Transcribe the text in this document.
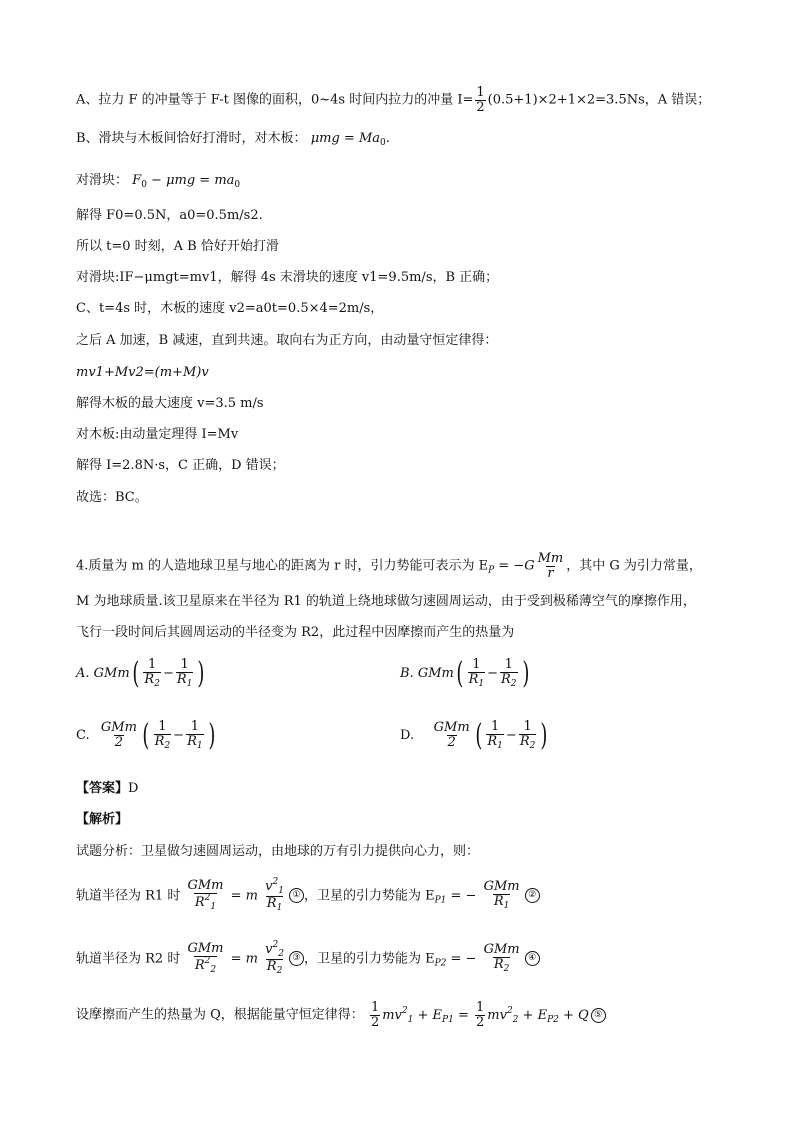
A、拉力 F 的冲量等于 F-t 图像的面积，0~4s 时间内拉力的冲量 $I= \frac{1}{2} (0.5+1)\times 2+1\times 2=3.5Ns$，A 错误；
B、滑块与木板间恰好打滑时，对木板： $\mu mg = Ma_0$.
对滑块： $F_0 - \mu mg = ma_0$
解得 F0=0.5N，a0=0.5m/s2.
所以 t=0 时刻，A B 恰好开始打滑
对滑块:IF−μmgt=mv1，解得 4s 末滑块的速度 v1=9.5m/s，B 正确；
C、t=4s 时，木板的速度 v2=a0t=0.5×4=2m/s，
之后 A 加速，B 减速，直到共速。取向右为正方向，由动量守恒定律得：
mv1+Mv2=(m+M)v
解得木板的最大速度 v=3.5 m/s
对木板:由动量定理得 I=Mv
解得 I=2.8N·s，C 正确，D 错误；
故选：BC。
4.质量为 m 的人造地球卫星与地心的距离为 r 时，引力势能可表示为 $E_P = -G \frac{Mm}{r}$ ，其中 G 为引力常量，
M 为地球质量.该卫星原来在半径为 R1 的轨道上绕地球做匀速圆周运动，由于受到极稀薄空气的摩擦作用，
飞行一段时间后其圆周运动的半径变为 R2，此过程中因摩擦而产生的热量为
A. GMm ( $\frac{1}{R_2} - \frac{1}{R_1}$ )	B. GMm ( $\frac{1}{R_1} - \frac{1}{R_2}$ )
C.
$\frac{\text{GMm}}{2}$ ( $\frac{1}{R_2} - \frac{1}{R_1}$ )	D.
$\frac{\text{GMm}}{2}$ ( $\frac{1}{R_1} - \frac{1}{R_2}$ )
【答案】D
【解析】
试题分析：卫星做匀速圆周运动，由地球的万有引力提供向心力，则：
轨道半径为 R1 时 $\frac{\text{GMm}}{R^2_1} = m \frac{v^2_1}{R_1}$ ① ，卫星的引力势能为 $E_{P1}$ = − $\frac{\text{GMm}}{R_1}$ ②
轨道半径为 R2 时 $\frac{\text{GMm}}{R^2_2} = m \frac{v^2_2}{R_2}$ ③ ，卫星的引力势能为 $E_{P2}$ = − $\frac{\text{GMm}}{R_2}$ ④
设摩擦而产生的热量为 Q，根据能量守恒定律得： $\frac{1}{2} mv^2_1 + E_{P1} = \frac{1}{2} mv^2_2 + E_{P2} + Q$ ⑤
